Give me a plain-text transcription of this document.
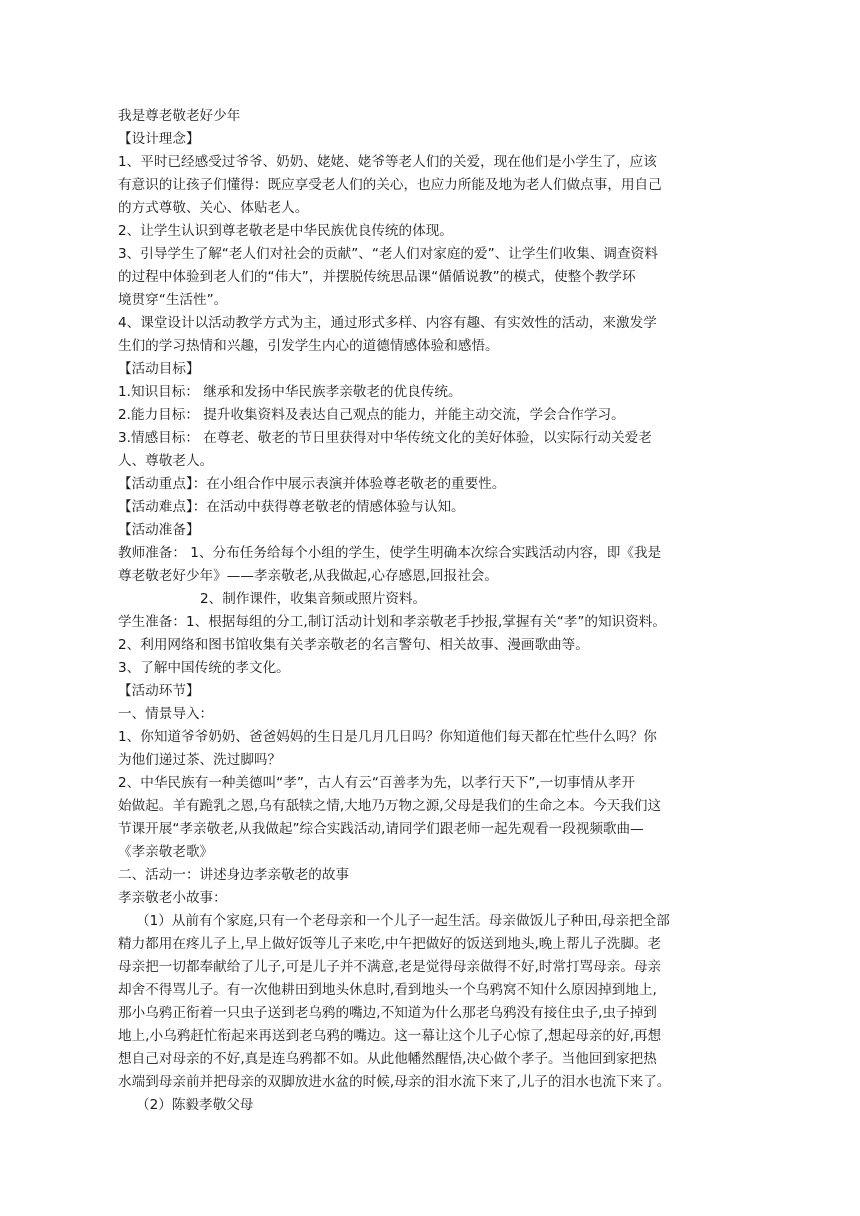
我是尊老敬老好少年
【设计理念】
1、平时已经感受过爷爷、奶奶、姥姥、姥爷等老人们的关爱，现在他们是小学生了，应该
有意识的让孩子们懂得：既应享受老人们的关心，也应力所能及地为老人们做点事，用自己
的方式尊敬、关心、体贴老人。
2、让学生认识到尊老敬老是中华民族优良传统的体现。
3、引导学生了解“老人们对社会的贡献”、“老人们对家庭的爱”、让学生们收集、调查资料
的过程中体验到老人们的“伟大”，并摆脱传统思品课“偱偱说教”的模式，使整个教学环
境贯穿“生活性”。
4、课堂设计以活动教学方式为主，通过形式多样、内容有趣、有实效性的活动，来激发学
生们的学习热情和兴趣，引发学生内心的道德情感体验和感悟。
【活动目标】
1.知识目标： 继承和发扬中华民族孝亲敬老的优良传统。
2.能力目标： 提升收集资料及表达自己观点的能力，并能主动交流，学会合作学习。
3.情感目标： 在尊老、敬老的节日里获得对中华传统文化的美好体验，以实际行动关爱老
人、尊敬老人。
【活动重点】：在小组合作中展示表演并体验尊老敬老的重要性。
【活动难点】：在活动中获得尊老敬老的情感体验与认知。
【活动准备】
教师准备： 1、分布任务给每个小组的学生，使学生明确本次综合实践活动内容，即《我是
尊老敬老好少年》——孝亲敬老,从我做起,心存感恩,回报社会。
2、制作课件，收集音频或照片资料。
学生准备：1、根据每组的分工,制订活动计划和孝亲敬老手抄报,掌握有关“孝”的知识资料。
2、利用网络和图书馆收集有关孝亲敬老的名言警句、相关故事、漫画歌曲等。
3、了解中国传统的孝文化。
【活动环节】
一、情景导入：
1、你知道爷爷奶奶、爸爸妈妈的生日是几月几日吗？你知道他们每天都在忙些什么吗？你
为他们递过茶、洗过脚吗？
2、中华民族有一种美德叫“孝”，古人有云“百善孝为先，以孝行天下”,一切事情从孝开
始做起。羊有跪乳之恩,乌有舐犊之情,大地乃万物之源,父母是我们的生命之本。今天我们这
节课开展“孝亲敬老,从我做起”综合实践活动,请同学们跟老师一起先观看一段视频歌曲—
《孝亲敬老歌》
二、活动一：讲述身边孝亲敬老的故事
孝亲敬老小故事：
（1）从前有个家庭,只有一个老母亲和一个儿子一起生活。母亲做饭儿子种田,母亲把全部
精力都用在疼儿子上,早上做好饭等儿子来吃,中午把做好的饭送到地头,晚上帮儿子洗脚。老
母亲把一切都奉献给了儿子,可是儿子并不满意,老是觉得母亲做得不好,时常打骂母亲。母亲
却舍不得骂儿子。有一次他耕田到地头休息时,看到地头一个乌鸦窝不知什么原因掉到地上,
那小乌鸦正衔着一只虫子送到老乌鸦的嘴边,不知道为什么那老乌鸦没有接住虫子,虫子掉到
地上,小乌鸦赶忙衔起来再送到老乌鸦的嘴边。这一幕让这个儿子心惊了,想起母亲的好,再想
想自己对母亲的不好,真是连乌鸦都不如。从此他幡然醒悟,决心做个孝子。当他回到家把热
水端到母亲前并把母亲的双脚放进水盆的时候,母亲的泪水流下来了,儿子的泪水也流下来了。
（2）陈毅孝敬父母
